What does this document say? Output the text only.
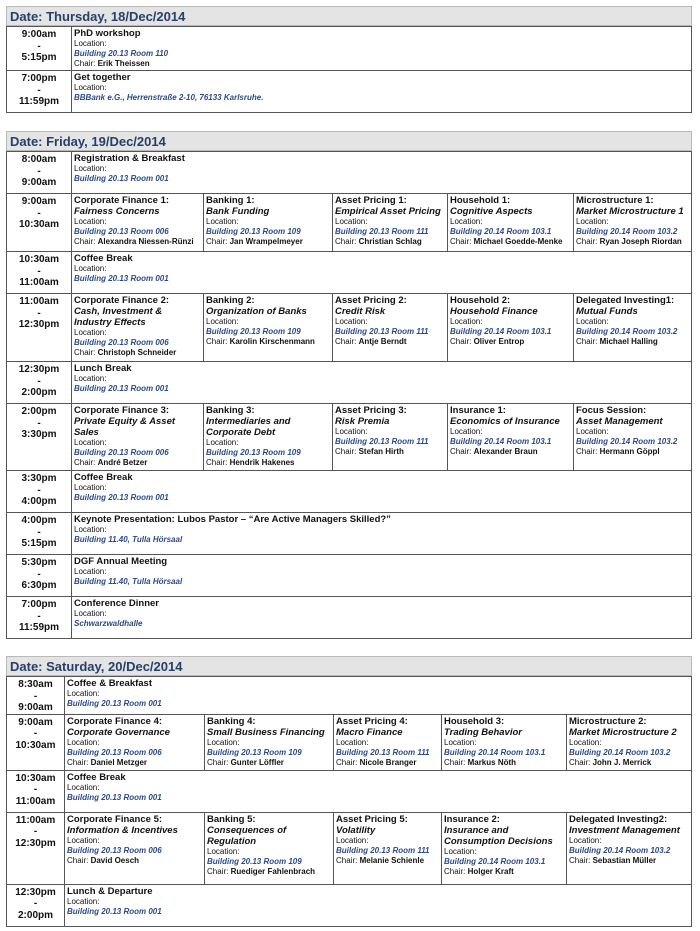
Date: Thursday, 18/Dec/2014
9:00am
-
5:15pm	PhD workshop
Location:
Building 20.13 Room 110
Chair: Erik Theissen

7:00pm
-
11:59pm	Get together
Location:
BBBank e.G., Herrenstraße 2-10, 76133 Karlsruhe.
Date: Friday, 19/Dec/2014
8:00am
-
9:00am	Registration & Breakfast
Location:
Building 20.13 Room 001				

9:00am
-
10:30am	Corporate Finance 1:
Fairness Concerns
Location:
Building 20.13 Room 006
Chair: Alexandra Niessen-Rünzi	Banking 1:
Bank Funding
Location:
Building 20.13 Room 109
Chair: Jan Wrampelmeyer	Asset Pricing 1:
Empirical Asset Pricing
Location:
Building 20.13 Room 111
Chair: Christian Schlag	Household 1:
Cognitive Aspects
Location:
Building 20.14 Room 103.1
Chair: Michael Goedde-Menke	Microstructure 1:
Market Microstructure 1
Location:
Building 20.14 Room 103.2
Chair: Ryan Joseph Riordan

10:30am
-
11:00am	Coffee Break
Location:
Building 20.13 Room 001				

11:00am
-
12:30pm	Corporate Finance 2:
Cash, Investment & Industry Effects
Location:
Building 20.13 Room 006
Chair: Christoph Schneider	Banking 2:
Organization of Banks
Location:
Building 20.13 Room 109
Chair: Karolin Kirschenmann	Asset Pricing 2:
Credit Risk
Location:
Building 20.13 Room 111
Chair: Antje Berndt	Household 2:
Household Finance
Location:
Building 20.14 Room 103.1
Chair: Oliver Entrop	Delegated Investing1:
Mutual Funds
Location:
Building 20.14 Room 103.2
Chair: Michael Halling

12:30pm
-
2:00pm	Lunch Break
Location:
Building 20.13 Room 001				

2:00pm
-
3:30pm	Corporate Finance 3:
Private Equity & Asset Sales
Location:
Building 20.13 Room 006
Chair: André Betzer	Banking 3:
Intermediaries and Corporate Debt
Location:
Building 20.13 Room 109
Chair: Hendrik Hakenes	Asset Pricing 3:
Risk Premia
Location:
Building 20.13 Room 111
Chair: Stefan Hirth	Insurance 1:
Economics of Insurance
Location:
Building 20.14 Room 103.1
Chair: Alexander Braun	Focus Session:
Asset Management
Location:
Building 20.14 Room 103.2
Chair: Hermann Göppl

3:30pm
-
4:00pm	Coffee Break
Location:
Building 20.13 Room 001				

4:00pm
-
5:15pm	Keynote Presentation: Lubos Pastor – “Are Active Managers Skilled?”
Location:
Building 11.40, Tulla Hörsaal				

5:30pm
-
6:30pm	DGF Annual Meeting
Location:
Building 11.40, Tulla Hörsaal				

7:00pm
-
11:59pm	Conference Dinner
Location:
Schwarzwaldhalle				
Date: Saturday, 20/Dec/2014
8:30am
-
9:00am	Coffee & Breakfast
Location:
Building 20.13 Room 001				

9:00am
-
10:30am	Corporate Finance 4:
Corporate Governance
Location:
Building 20.13 Room 006
Chair: Daniel Metzger	Banking 4:
Small Business Financing
Location:
Building 20.13 Room 109
Chair: Gunter Löffler	Asset Pricing 4:
Macro Finance
Location:
Building 20.13 Room 111
Chair: Nicole Branger	Household 3:
Trading Behavior
Location:
Building 20.14 Room 103.1
Chair: Markus Nöth	Microstructure 2:
Market Microstructure 2
Location:
Building 20.14 Room 103.2
Chair: John J. Merrick

10:30am
-
11:00am	Coffee Break
Location:
Building 20.13 Room 001				

11:00am
-
12:30pm	Corporate Finance 5:
Information & Incentives
Location:
Building 20.13 Room 006
Chair: David Oesch	Banking 5:
Consequences of Regulation
Location:
Building 20.13 Room 109
Chair: Ruediger Fahlenbrach	Asset Pricing 5:
Volatility
Location:
Building 20.13 Room 111
Chair: Melanie Schienle	Insurance 2:
Insurance and Consumption Decisions
Location:
Building 20.14 Room 103.1
Chair: Holger Kraft	Delegated Investing2:
Investment Management
Location:
Building 20.14 Room 103.2
Chair: Sebastian Müller

12:30pm
-
2:00pm	Lunch & Departure
Location:
Building 20.13 Room 001				
